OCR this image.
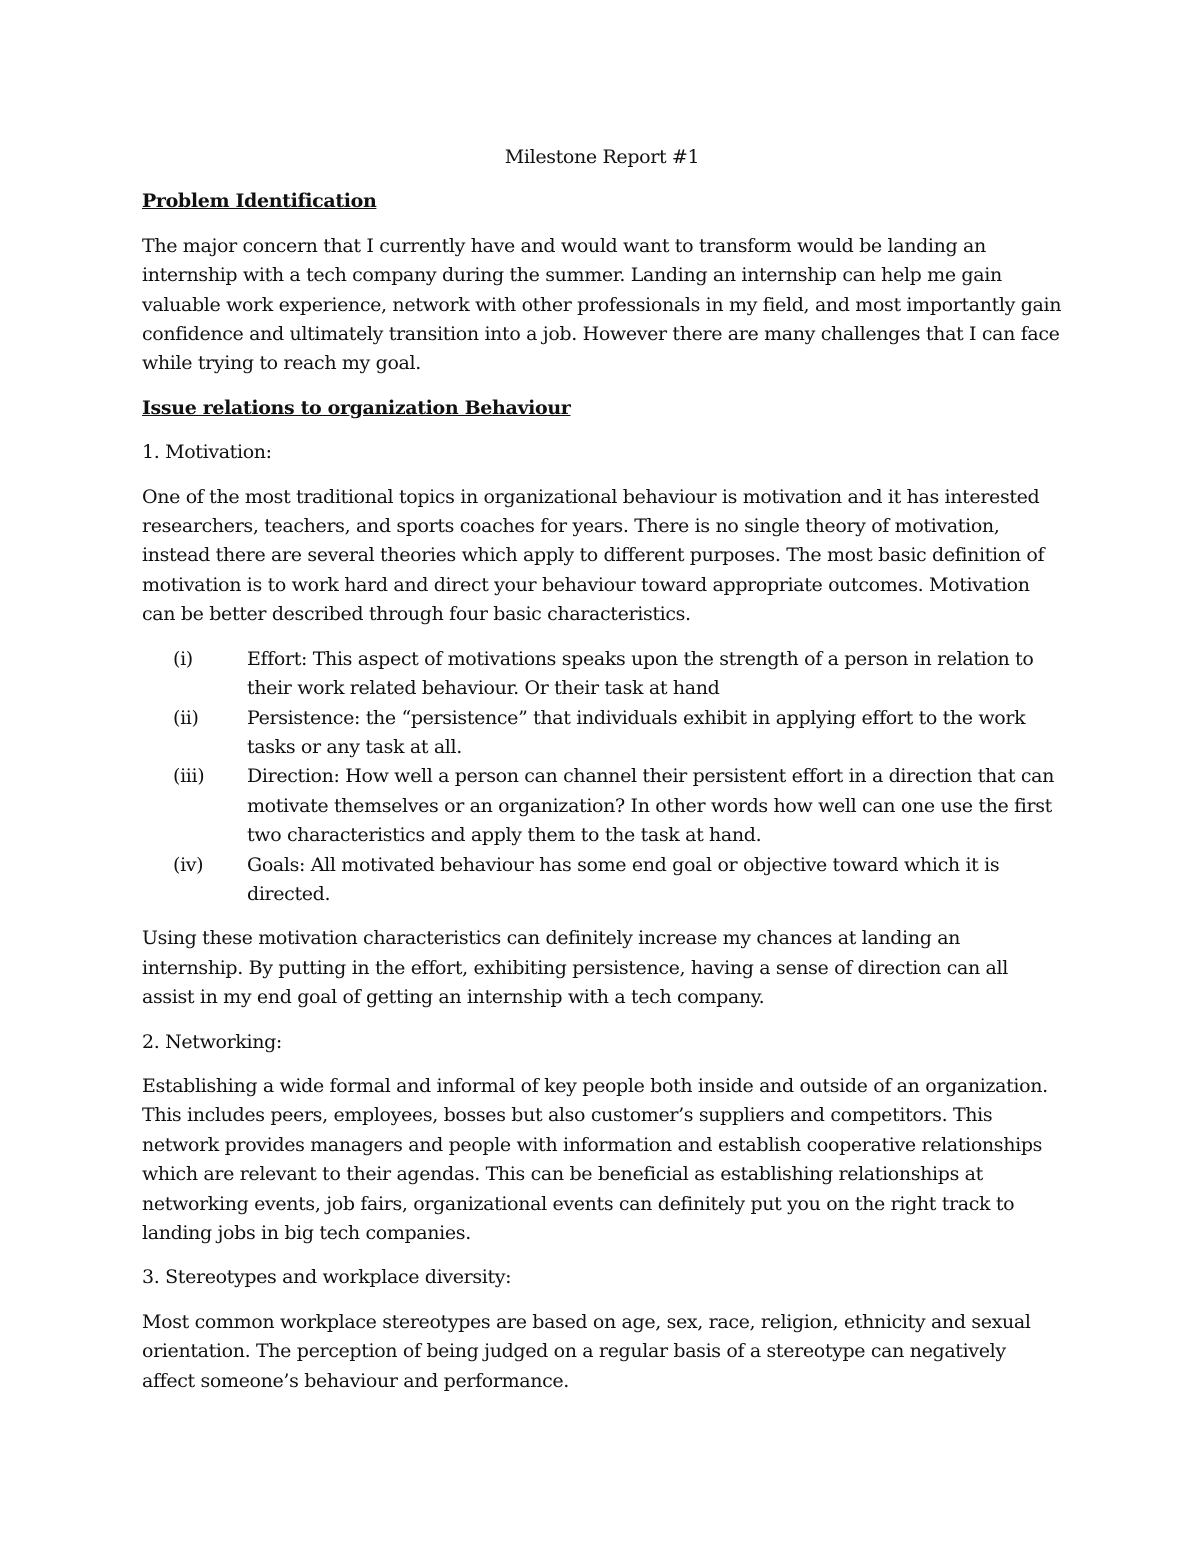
Milestone Report #1
Problem Identification

The major concern that I currently have and would want to transform would be landing an internship with a tech company during the summer. Landing an internship can help me gain valuable work experience, network with other professionals in my field, and most importantly gain confidence and ultimately transition into a job. However there are many challenges that I can face while trying to reach my goal.

Issue relations to organization Behaviour
1. Motivation:

One of the most traditional topics in organizational behaviour is motivation and it has interested researchers, teachers, and sports coaches for years. There is no single theory of motivation, instead there are several theories which apply to different purposes. The most basic definition of motivation is to work hard and direct your behaviour toward appropriate outcomes. Motivation can be better described through four basic characteristics.

(i)	Effort: This aspect of motivations speaks upon the strength of a person in relation to their work related behaviour. Or their task at hand
(ii)	Persistence: the “persistence” that individuals exhibit in applying effort to the work tasks or any task at all.
(iii) Direction: How well a person can channel their persistent effort in a direction that can motivate themselves or an organization? In other words how well can one use the first two characteristics and apply them to the task at hand.
(iv) Goals: All motivated behaviour has some end goal or objective toward which it is directed.

Using these motivation characteristics can definitely increase my chances at landing an internship. By putting in the effort, exhibiting persistence, having a sense of direction can all assist in my end goal of getting an internship with a tech company.

2. Networking:

Establishing a wide formal and informal of key people both inside and outside of an organization. This includes peers, employees, bosses but also customer’s suppliers and competitors. This network provides managers and people with information and establish cooperative relationships which are relevant to their agendas. This can be beneficial as establishing relationships at networking events, job fairs, organizational events can definitely put you on the right track to landing jobs in big tech companies.

3. Stereotypes and workplace diversity:

Most common workplace stereotypes are based on age, sex, race, religion, ethnicity and sexual orientation. The perception of being judged on a regular basis of a stereotype can negatively affect someone’s behaviour and performance.
